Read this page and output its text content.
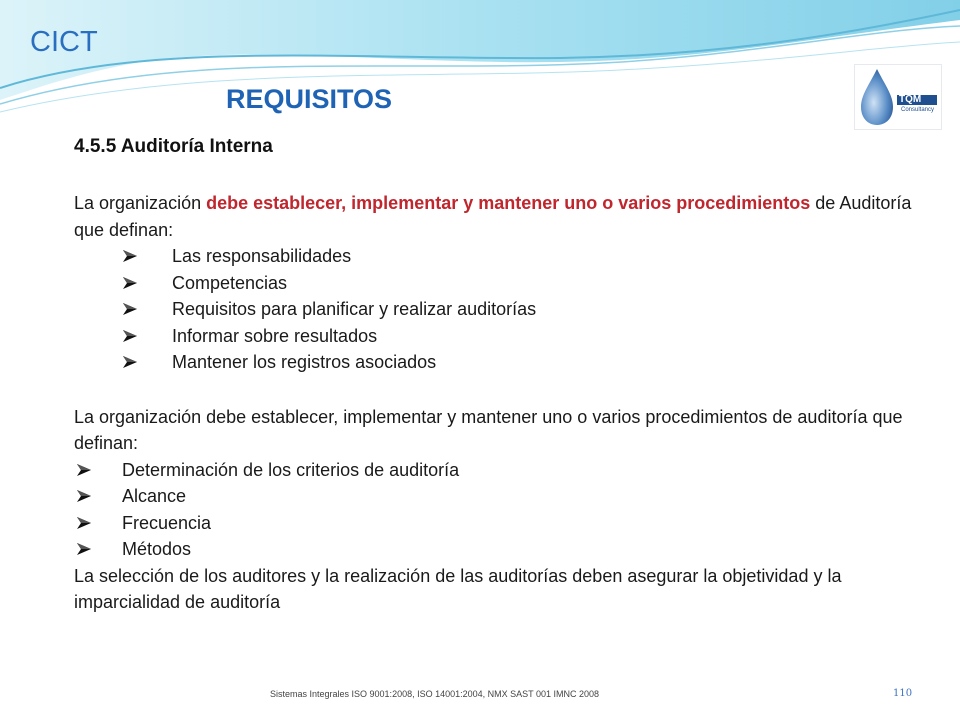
CICT
REQUISITOS	TQM
Consultancy
4.5.5 Auditoría Interna

La organización debe establecer, implementar y mantener uno o varios procedimientos de Auditoría que definan:

Las responsabilidades
Competencias
Requisitos para planificar y realizar auditorías
Informar sobre resultados
Mantener los registros asociados

La organización debe establecer, implementar y mantener uno o varios procedimientos de auditoría que definan:

Determinación de los criterios de auditoría
Alcance
Frecuencia
Métodos

La selección de los auditores y la realización de las auditorías deben asegurar la objetividad y la imparcialidad de auditoría

Sistemas Integrales ISO 9001:2008, ISO 14001:2004, NMX SAST 001 IMNC 2008	110
